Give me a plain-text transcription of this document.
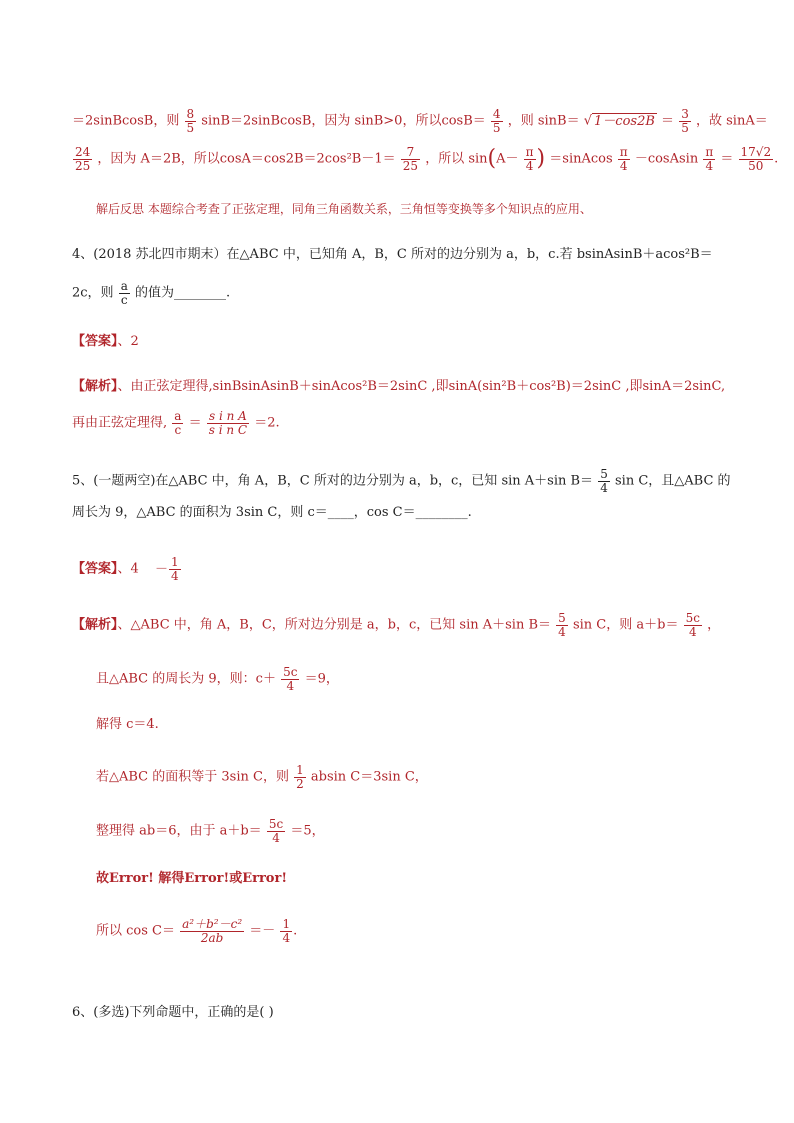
＝2sinBcosB，则 $\frac{8}{5}$ sinB＝2sinBcosB，因为 sinB>0，所以$\cos B= \frac{4}{5}$ ，则 sinB＝ √ $1-\cos 2B = \frac{3}{5}$ ，故 sinA＝
$\frac{24}{25}$ ，因为 A＝2B，所以$\cos A=\cos 2B=2\cos^2B-1= \frac{7}{25}$ ，所以 $\sin(A- \frac{\pi}{4}$ ) ＝sinAcos $\frac{\pi}{4}$ －cosAsin $\frac{\pi}{4} = \frac{17√2}{50}$ .
解后反思 本题综合考查了正弦定理，同角三角函数关系，三角恒等变换等多个知识点的应用、
4、(2018 苏北四市期末）在△ABC 中，已知角 A，B，C 所对的边分别为 a，b，c.若 bsinAsinB＋acos²B＝
2c，则 $\frac{a}{c}$ 的值为________.
【答案】、2
【解析】、由正弦定理得,sinBsinAsinB＋sinAcos²B＝2sinC ,即sinA(sin²B＋cos²B)＝2sinC ,即sinA＝2sinC,
再由正弦定理得, $\frac{a}{c} = \frac{\text{s i n A}}{\text{s i n C}} =2$.
5、(一题两空)在△ABC 中，角 A，B，C 所对的边分别为 a，b，c，已知 sin A＋sin $B= \frac{5}{4}$ sin C，且△ABC 的
周长为 9，△ABC 的面积为 3sin C，则 c＝____，cos C＝________.
【答案】、$4 - \frac{1}{4}$
【解析】、△ABC 中，角 A，B，C，所对边分别是 a，b，c，已知 sin A＋sin $B= \frac{5}{4}$ sin C，则 $a+b= \frac{5c}{4}$ ，
且△ABC 的周长为 9，则：$c+ \frac{5c}{4} =9$，
解得 c＝4.
若△ABC 的面积等于 3sin C，则 $\frac{1}{2}$ absin C＝3sin C，
整理得 ab＝6，由于 $a+b= \frac{5c}{4} =5$，
故Error! 解得Error!或Error!
所以 $\cos C= \frac{\text{a²＋b²－c²}}{2ab} =- \frac{1}{4}$ .
6、(多选)下列命题中，正确的是( )
